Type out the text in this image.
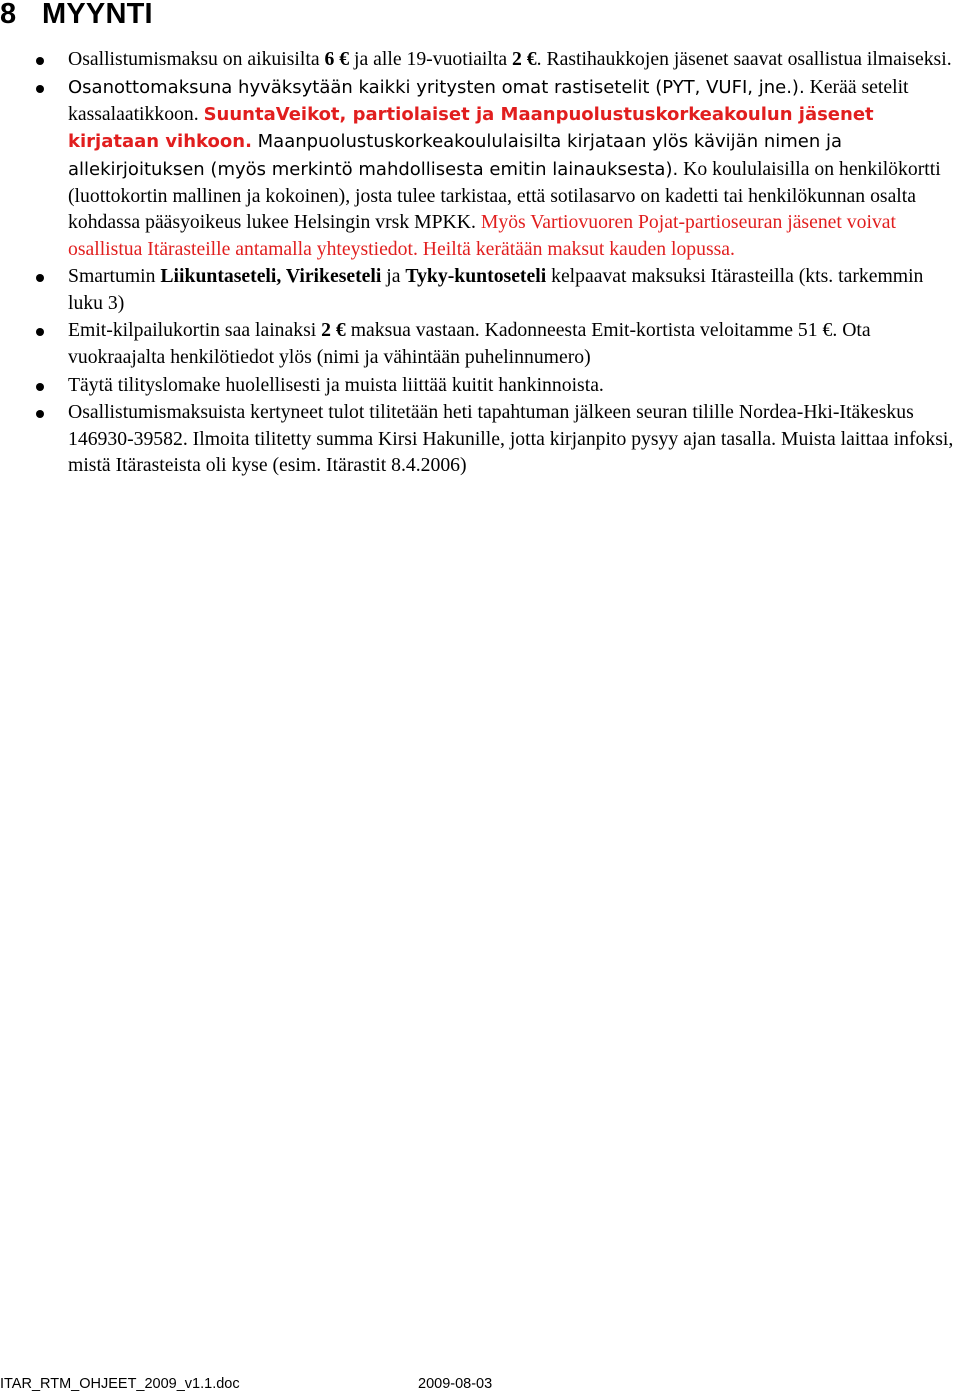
8 MYYNTI
Osallistumismaksu on aikuisilta 6 € ja alle 19-vuotiailta 2 €. Rastihaukkojen jäsenet saavat osallistua ilmaiseksi.
Osanottomaksuna hyväksytään kaikki yritysten omat rastisetelit (PYT, VUFI, jne.). Kerää setelit kassalaatikkoon. SuuntaVeikot, partiolaiset ja Maanpuolustuskorkeakoulun jäsenet kirjataan vihkoon. Maanpuolustuskorkeakoululaisilta kirjataan ylös kävijän nimen ja allekirjoituksen (myös merkintö mahdollisesta emitin lainauksesta). Ko koululaisilla on henkilökortti (luottokortin mallinen ja kokoinen), josta tulee tarkistaa, että sotilasarvo on kadetti tai henkilökunnan osalta kohdassa pääsyoikeus lukee Helsingin vrsk MPKK. Myös Vartiovuoren Pojat-partioseuran jäsenet voivat osallistua Itärasteille antamalla yhteystiedot. Heiltä kerätään maksut kauden lopussa.
Smartumin Liikuntaseteli, Virikeseteli ja Tyky-kuntoseteli kelpaavat maksuksi Itärasteilla (kts. tarkemmin luku 3)
Emit-kilpailukortin saa lainaksi 2 € maksua vastaan. Kadonneesta Emit-kortista veloitamme 51 €. Ota vuokraajalta henkilötiedot ylös (nimi ja vähintään puhelinnumero)
Täytä tilityslomake huolellisesti ja muista liittää kuitit hankinnoista.
Osallistumismaksuista kertyneet tulot tilitetään heti tapahtuman jälkeen seuran tilille Nordea-Hki-Itäkeskus 146930-39582. Ilmoita tilitetty summa Kirsi Hakunille, jotta kirjanpito pysyy ajan tasalla. Muista laittaa infoksi, mistä Itärasteista oli kyse (esim. Itärastit 8.4.2006)
ITAR_RTM_OHJEET_2009_v1.1.doc	2009-08-03
